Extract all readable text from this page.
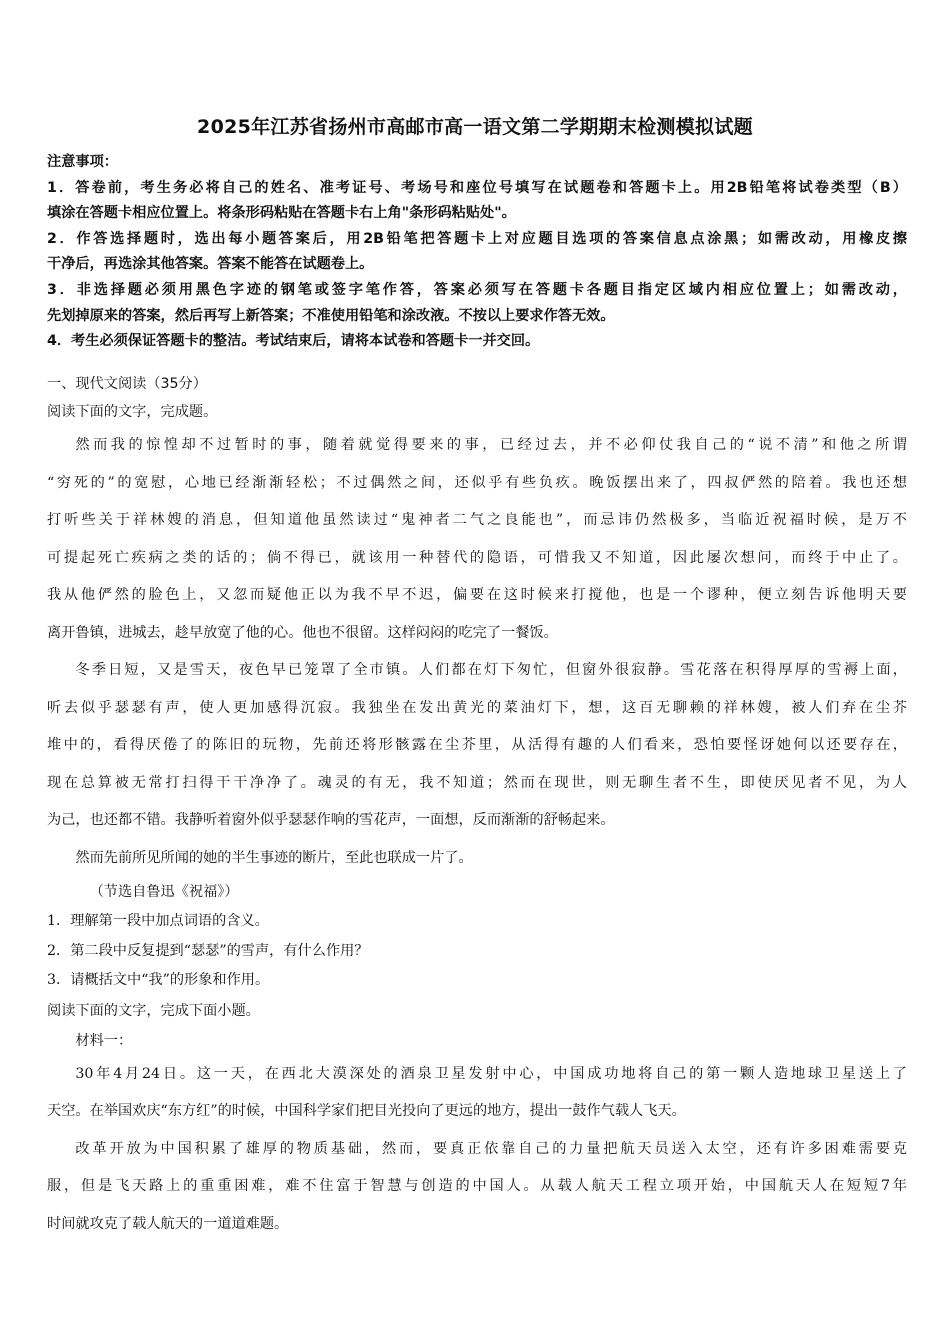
2025年江苏省扬州市高邮市高一语文第二学期期末检测模拟试题

注意事项：

1．答卷前，考生务必将自己的姓名、准考证号、考场号和座位号填写在试题卷和答题卡上。用2B铅笔将试卷类型（B）

填涂在答题卡相应位置上。将条形码粘贴在答题卡右上角"条形码粘贴处"。

2．作答选择题时，选出每小题答案后，用2B铅笔把答题卡上对应题目选项的答案信息点涂黑；如需改动，用橡皮擦

干净后，再选涂其他答案。答案不能答在试题卷上。

3．非选择题必须用黑色字迹的钢笔或签字笔作答，答案必须写在答题卡各题目指定区域内相应位置上；如需改动，

先划掉原来的答案，然后再写上新答案；不准使用铅笔和涂改液。不按以上要求作答无效。

4．考生必须保证答题卡的整洁。考试结束后，请将本试卷和答题卡一并交回。

一、现代文阅读（35分）

阅读下面的文字，完成题。

然而我的惊惶却不过暂时的事，随着就觉得要来的事，已经过去，并不必仰仗我自己的“说不清”和他之所谓

“穷死的”的宽慰，心地已经渐渐轻松；不过偶然之间，还似乎有些负疚。晚饭摆出来了，四叔俨然的陪着。我也还想

打听些关于祥林嫂的消息，但知道他虽然读过“鬼神者二气之良能也”，而忌讳仍然极多，当临近祝福时候，是万不

可提起死亡疾病之类的话的；倘不得已，就该用一种替代的隐语，可惜我又不知道，因此屡次想问，而终于中止了。

我从他俨然的脸色上，又忽而疑他正以为我不早不迟，偏要在这时候来打搅他，也是一个谬种，便立刻告诉他明天要

离开鲁镇，进城去，趁早放宽了他的心。他也不很留。这样闷闷的吃完了一餐饭。

冬季日短，又是雪天，夜色早已笼罩了全市镇。人们都在灯下匆忙，但窗外很寂静。雪花落在积得厚厚的雪褥上面，

听去似乎瑟瑟有声，使人更加感得沉寂。我独坐在发出黄光的菜油灯下，想，这百无聊赖的祥林嫂，被人们弃在尘芥

堆中的，看得厌倦了的陈旧的玩物，先前还将形骸露在尘芥里，从活得有趣的人们看来，恐怕要怪讶她何以还要存在，

现在总算被无常打扫得干干净净了。魂灵的有无，我不知道；然而在现世，则无聊生者不生，即使厌见者不见，为人

为己，也还都不错。我静听着窗外似乎瑟瑟作响的雪花声，一面想，反而渐渐的舒畅起来。

然而先前所见所闻的她的半生事迹的断片，至此也联成一片了。

（节选自鲁迅《祝福》）

1．理解第一段中加点词语的含义。

2．第二段中反复提到“瑟瑟”的雪声，有什么作用？

3．请概括文中“我”的形象和作用。

阅读下面的文字，完成下面小题。

材料一：

30年4月24日。这一天，在西北大漠深处的酒泉卫星发射中心，中国成功地将自己的第一颗人造地球卫星送上了

天空。在举国欢庆“东方红”的时候，中国科学家们把目光投向了更远的地方，提出一鼓作气载人飞天。

改革开放为中国积累了雄厚的物质基础，然而，要真正依靠自己的力量把航天员送入太空，还有许多困难需要克

服，但是飞天路上的重重困难，难不住富于智慧与创造的中国人。从载人航天工程立项开始，中国航天人在短短7年

时间就攻克了载人航天的一道道难题。
